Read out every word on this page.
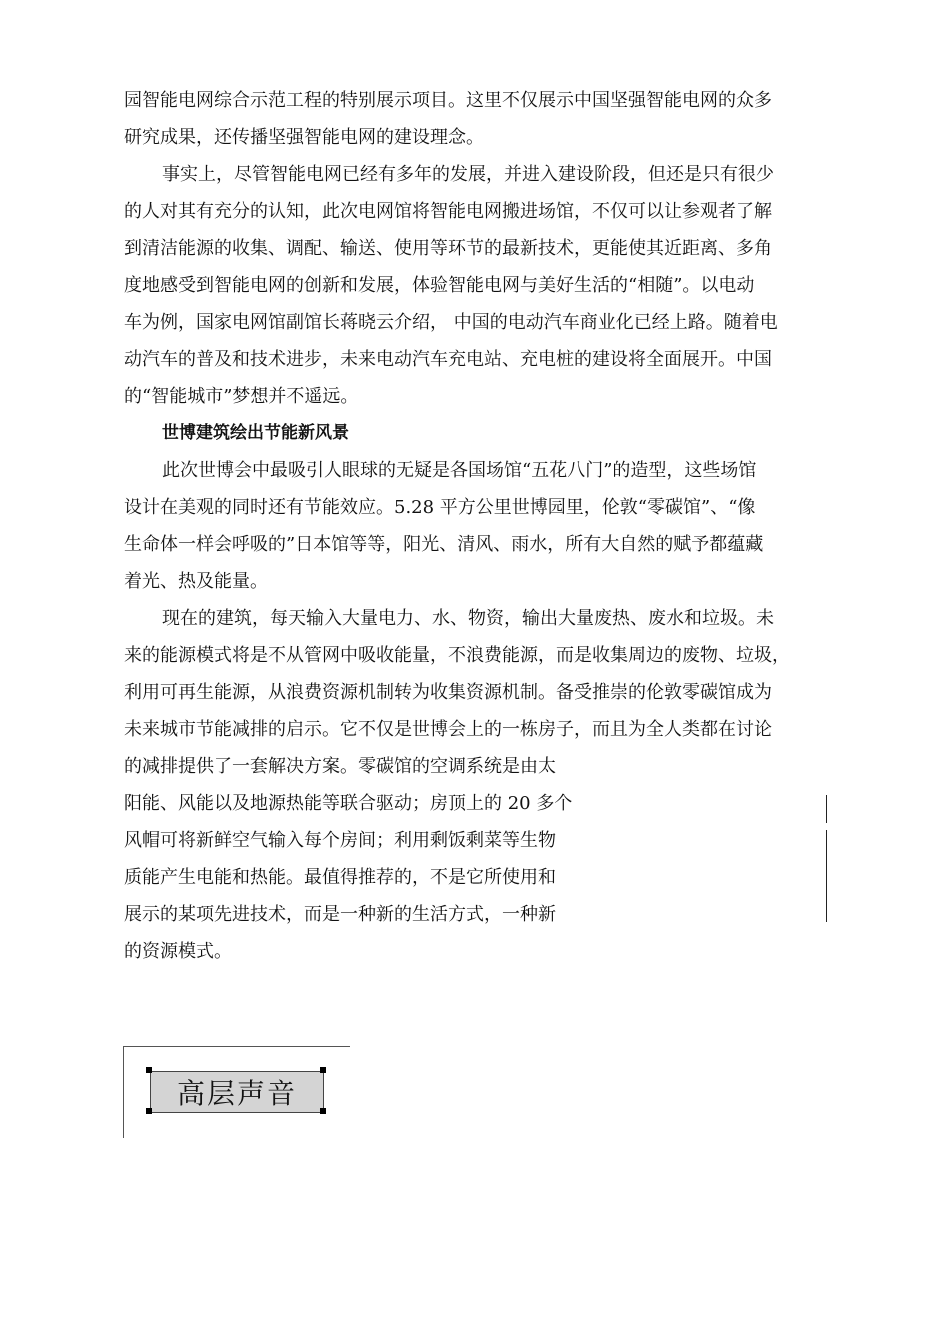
园智能电网综合示范工程的特别展示项目。这里不仅展示中国坚强智能电网的众多
研究成果，还传播坚强智能电网的建设理念。
事实上，尽管智能电网已经有多年的发展，并进入建设阶段，但还是只有很少
的人对其有充分的认知，此次电网馆将智能电网搬进场馆，不仅可以让参观者了解
到清洁能源的收集、调配、输送、使用等环节的最新技术，更能使其近距离、多角
度地感受到智能电网的创新和发展，体验智能电网与美好生活的“相随”。以电动
车为例，国家电网馆副馆长蒋晓云介绍， 中国的电动汽车商业化已经上路。随着电
动汽车的普及和技术进步，未来电动汽车充电站、充电桩的建设将全面展开。中国
的“智能城市”梦想并不遥远。
世博建筑绘出节能新风景
此次世博会中最吸引人眼球的无疑是各国场馆“五花八门”的造型，这些场馆
设计在美观的同时还有节能效应。5.28 平方公里世博园里，伦敦“零碳馆”、“像
生命体一样会呼吸的”日本馆等等，阳光、清风、雨水，所有大自然的赋予都蕴藏
着光、热及能量。
现在的建筑，每天输入大量电力、水、物资，输出大量废热、废水和垃圾。未
来的能源模式将是不从管网中吸收能量，不浪费能源，而是收集周边的废物、垃圾，
利用可再生能源，从浪费资源机制转为收集资源机制。备受推崇的伦敦零碳馆成为
未来城市节能减排的启示。它不仅是世博会上的一栋房子，而且为全人类都在讨论
的减排提供了一套解决方案。零碳馆的空调系统是由太
阳能、风能以及地源热能等联合驱动；房顶上的 20 多个
风帽可将新鲜空气输入每个房间；利用剩饭剩菜等生物
质能产生电能和热能。最值得推荐的，不是它所使用和
展示的某项先进技术，而是一种新的生活方式，一种新
的资源模式。
高层声音
